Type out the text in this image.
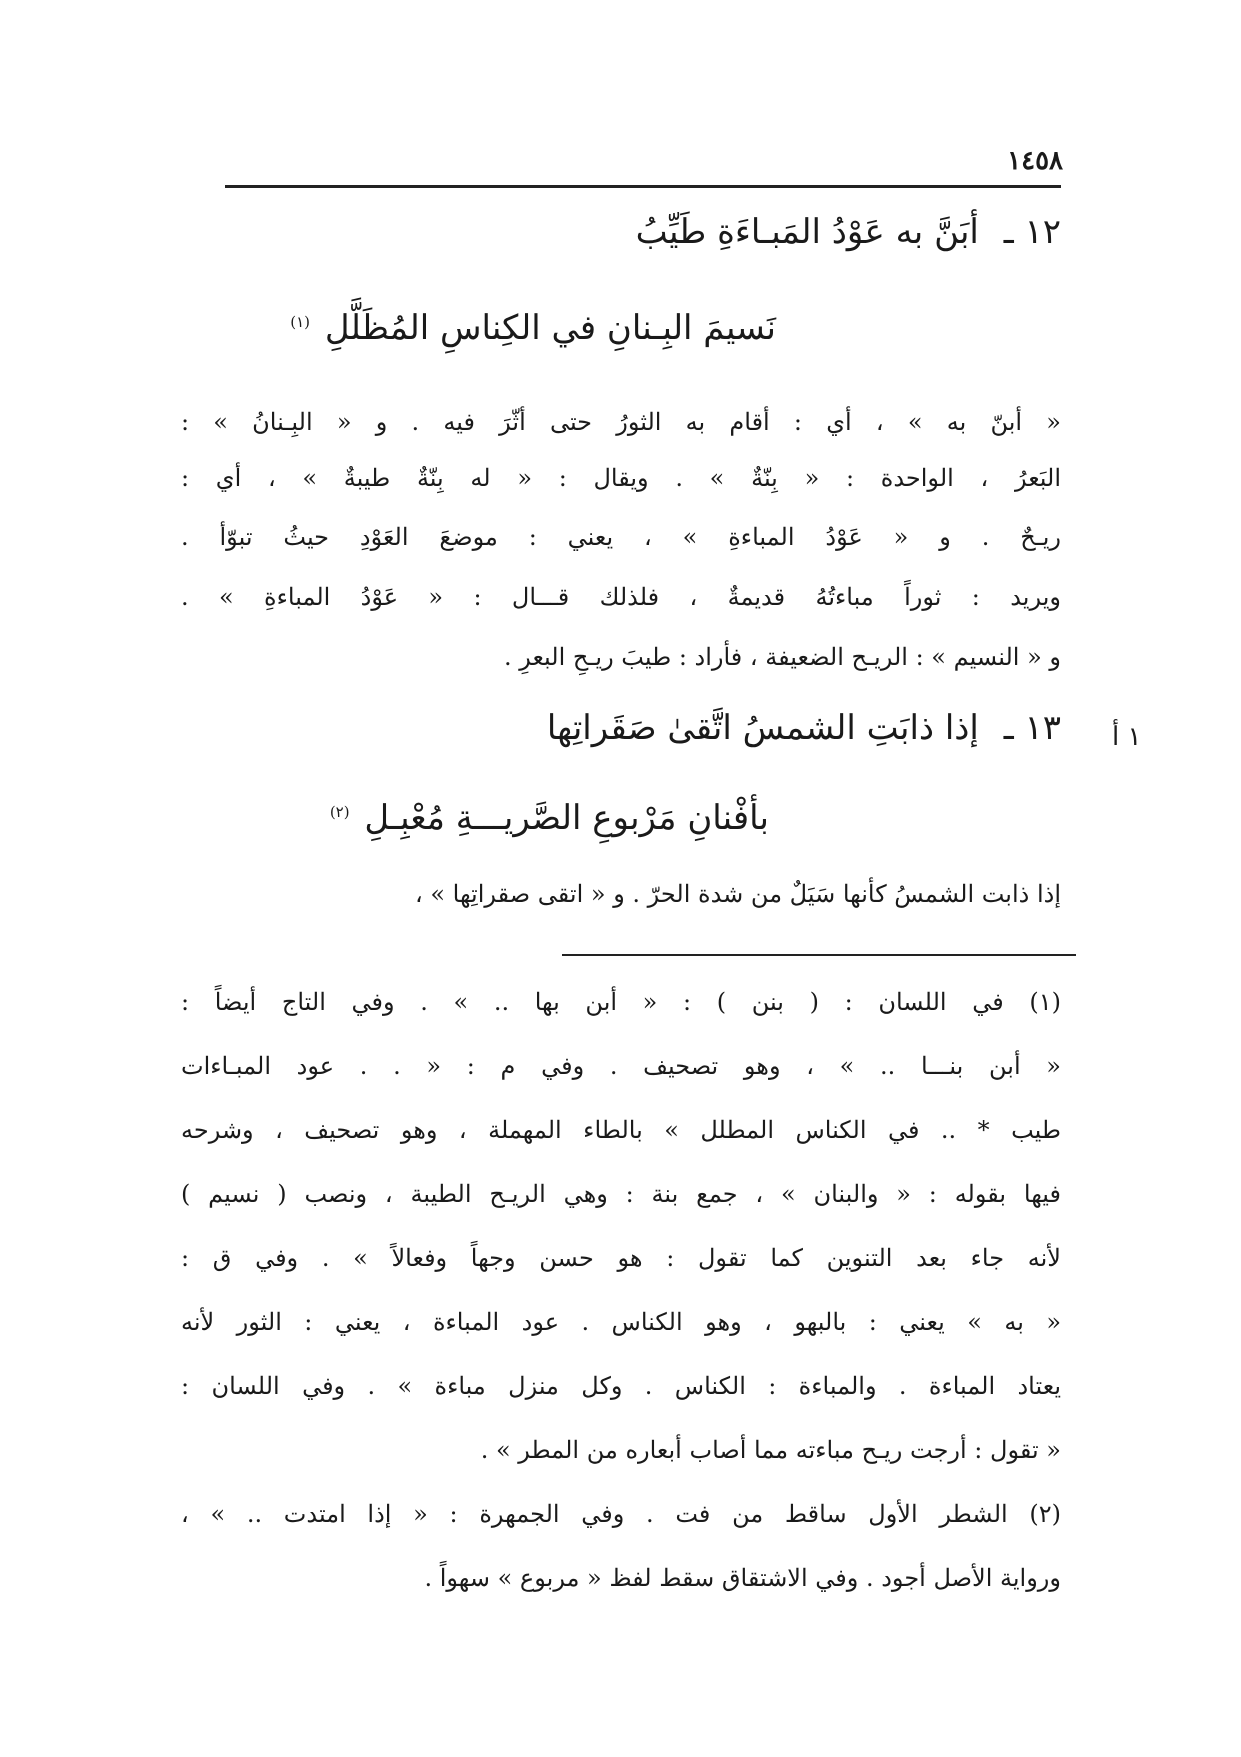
١٤٥٨
١ أ
١٢ ـ أبَنَّ به عَوْدُ المَبـاءَةِ طَيِّبُ
نَسيمَ البِـنانِ في الكِناسِ المُظَلَّلِ $^{(١)}$
« أبنّ به » ، أي : أقام به الثورُ حتى أثّرَ فيه . و « البِـنانُ » :
البَعرُ ، الواحدة : « بِنّةٌ » . ويقال : « له بِنّةٌ طيبةٌ » ، أي :
ريـحٌ . و « عَوْدُ المباءةِ » ، يعني : موضعَ العَوْدِ حيثُ تبوّأ .
ويريد : ثوراً مباءتُهُ قديمةٌ ، فلذلك قـــال : « عَوْدُ المباءةِ » .
و « النسيم » : الريـح الضعيفة ، فأراد : طيبَ ريـحِ البعرِ .
١٣ ـ إذا ذابَتِ الشمسُ اتَّقىٰ صَقَراتِها
بأفْنانِ مَرْبوعِ الصَّريـــةِ مُعْبِـلِ $^{(٢)}$
إذا ذابت الشمسُ كأنها سَيَلٌ من شدة الحرّ . و « اتقى صقراتِها » ،
(١) في اللسان : ( بنن ) : « أبن بها .. » . وفي التاج أيضاً :
« أبن بنـــا .. » ، وهو تصحيف . وفي م : « . . عود المبـاءات
طيب * .. في الكناس المطلل » بالطاء المهملة ، وهو تصحيف ، وشرحه
فيها بقوله : « والبنان » ، جمع بنة : وهي الريـح الطيبة ، ونصب ( نسيم )
لأنه جاء بعد التنوين كما تقول : هو حسن وجهاً وفعالاً » . وفي ق :
« به » يعني : بالبهو ، وهو الكناس . عود المباءة ، يعني : الثور لأنه
يعتاد المباءة . والمباءة : الكناس . وكل منزل مباءة » . وفي اللسان :
« تقول : أرجت ريـح مباءته مما أصاب أبعاره من المطر » .
(٢) الشطر الأول ساقط من فت . وفي الجمهرة : « إذا امتدت .. » ،
ورواية الأصل أجود . وفي الاشتقاق سقط لفظ « مربوع » سهواً .
